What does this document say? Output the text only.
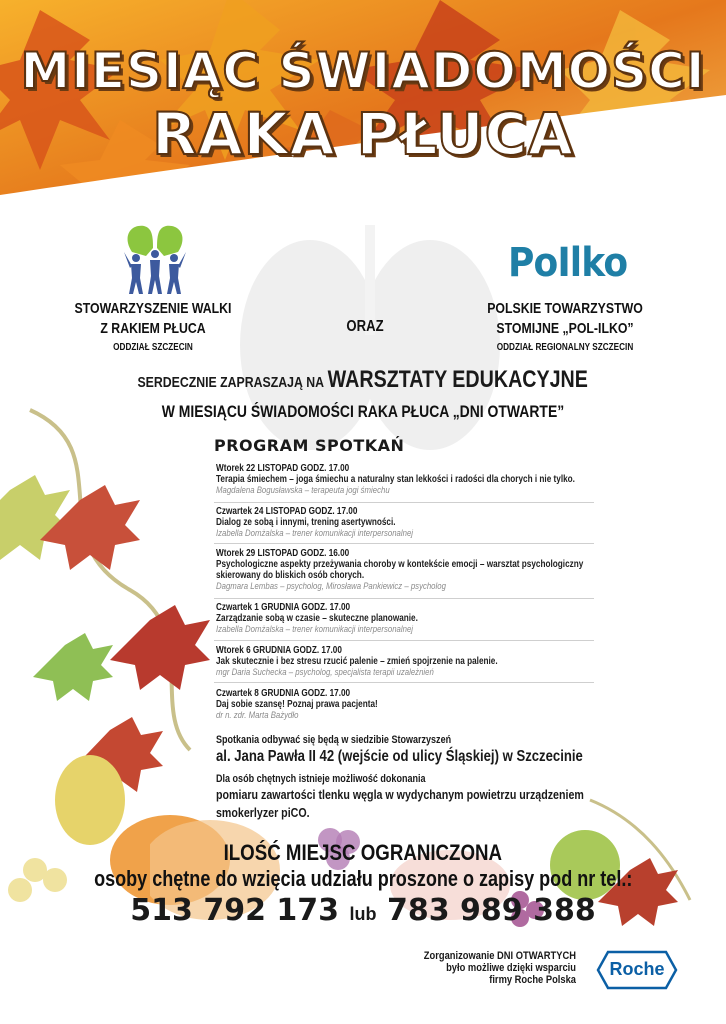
MIESIĄC ŚWIADOMOŚCI
RAKA PŁUCA
PoIlko
STOWARZYSZENIE WALKI
Z RAKIEM PŁUCA
ODDZIAŁ SZCZECIN
ORAZ
POLSKIE TOWARZYSTWO
STOMIJNE „POL-ILKO”
ODDZIAŁ REGIONALNY SZCZECIN
SERDECZNIE ZAPRASZAJĄ NA WARSZTATY EDUKACYJNE
W MIESIĄCU ŚWIADOMOŚCI RAKA PŁUCA „DNI OTWARTE”
PROGRAM SPOTKAŃ
Wtorek 22 LISTOPAD GODZ. 17.00
Terapia śmiechem – joga śmiechu a naturalny stan lekkości i radości dla chorych i nie tylko.
Magdalena Bogusławska – terapeuta jogi śmiechu
Czwartek 24 LISTOPAD GODZ. 17.00
Dialog ze sobą i innymi, trening asertywności.
Izabella Domżalska – trener komunikacji interpersonalnej
Wtorek 29 LISTOPAD GODZ. 16.00
Psychologiczne aspekty przeżywania choroby w kontekście emocji – warsztat psychologiczny
skierowany do bliskich osób chorych.
Dagmara Lembas – psycholog, Mirosława Pankiewicz – psycholog
Czwartek 1 GRUDNIA GODZ. 17.00
Zarządzanie sobą w czasie – skuteczne planowanie.
Izabella Domżalska – trener komunikacji interpersonalnej
Wtorek 6 GRUDNIA GODZ. 17.00
Jak skutecznie i bez stresu rzucić palenie – zmień spojrzenie na palenie.
mgr Daria Suchecka – psycholog, specjalista terapii uzależnień
Czwartek 8 GRUDNIA GODZ. 17.00
Daj sobie szansę! Poznaj prawa pacjenta!
dr n. zdr. Marta Bażydło
Spotkania odbywać się będą w siedzibie Stowarzyszeń
al. Jana Pawła II 42 (wejście od ulicy Śląskiej) w Szczecinie
Dla osób chętnych istnieje możliwość dokonania
pomiaru zawartości tlenku węgla w wydychanym powietrzu urządzeniem
smokerlyzer piCO.
ILOŚĆ MIEJSC OGRANICZONA
osoby chętne do wzięcia udziału proszone o zapisy pod nr tel.:
513 792 173 lub 783 989 388
Zorganizowanie DNI OTWARTYCH
było możliwe dzięki wsparciu
firmy Roche Polska
Roche
